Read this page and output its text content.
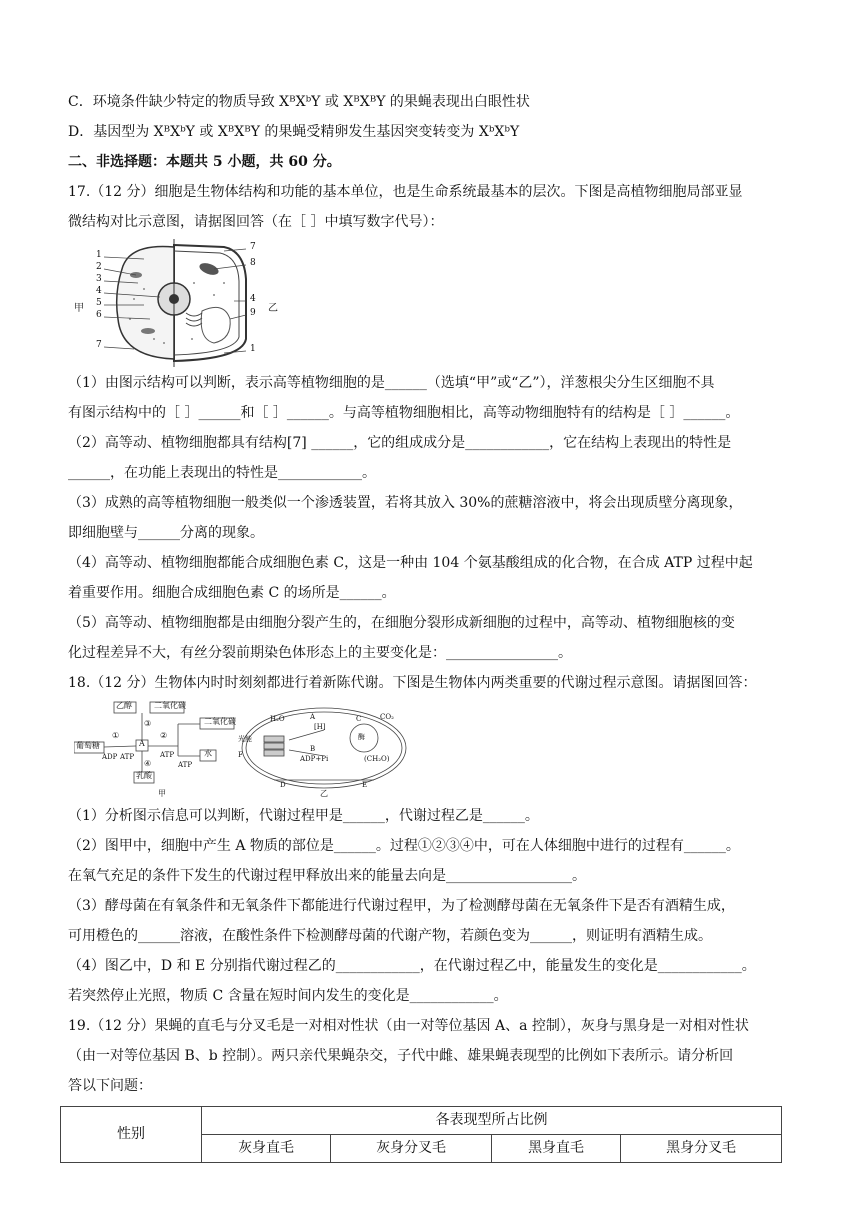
C．环境条件缺少特定的物质导致 XᴮXᵇY 或 XᴮXᴮY 的果蝇表现出白眼性状

D．基因型为 XᴮXᵇY 或 XᴮXᴮY 的果蝇受精卵发生基因突变转变为 XᵇXᵇY

二、非选择题：本题共 5 小题，共 60 分。

17.（12 分）细胞是生物体结构和功能的基本单位，也是生命系统最基本的层次。下图是高植物细胞局部亚显

微结构对比示意图，请据图回答（在［ ］中填写数字代号）：

甲	乙
1
2
3
4
5
6
7
7
8
4
9
1

（1）由图示结构可以判断，表示高等植物细胞的是______（选填“甲”或“乙”），洋葱根尖分生区细胞不具

有图示结构中的［ ］______和［ ］______。与高等植物细胞相比，高等动物细胞特有的结构是［ ］______。

（2）高等动、植物细胞都具有结构[7] ______，它的组成成分是____________，它在结构上表现出的特性是

______，在功能上表现出的特性是____________。

（3）成熟的高等植物细胞一般类似一个渗透装置，若将其放入 30%的蔗糖溶液中，将会出现质壁分离现象，

即细胞壁与______分离的现象。

（4）高等动、植物细胞都能合成细胞色素 C，这是一种由 104 个氨基酸组成的化合物，在合成 ATP 过程中起

着重要作用。细胞合成细胞色素 C 的场所是______。

（5）高等动、植物细胞都是由细胞分裂产生的，在细胞分裂形成新细胞的过程中，高等动、植物细胞核的变

化过程差异不大，有丝分裂前期染色体形态上的主要变化是：________________。

18.（12 分）生物体内时时刻刻都进行着新陈代谢。下图是生物体内两类重要的代谢过程示意图。请据图回答：

乙醇	二氧化碳
二氧化碳
葡萄糖	A
水
乳酸
①	②
③
④
ADP ATP	ATP
ATP
甲	乙
H₂O	A
[H]
B
ADP+Pi
光能
F
C
酶
CO₂
(CH₂O)
D	E

（1）分析图示信息可以判断，代谢过程甲是______，代谢过程乙是______。

（2）图甲中，细胞中产生 A 物质的部位是______。过程①②③④中，可在人体细胞中进行的过程有______。

在氧气充足的条件下发生的代谢过程甲释放出来的能量去向是__________________。

（3）酵母菌在有氧条件和无氧条件下都能进行代谢过程甲，为了检测酵母菌在无氧条件下是否有酒精生成，

可用橙色的______溶液，在酸性条件下检测酵母菌的代谢产物，若颜色变为______，则证明有酒精生成。

（4）图乙中，D 和 E 分别指代谢过程乙的____________，在代谢过程乙中，能量发生的变化是____________。

若突然停止光照，物质 C 含量在短时间内发生的变化是____________。

19.（12 分）果蝇的直毛与分叉毛是一对相对性状（由一对等位基因 A、a 控制），灰身与黑身是一对相对性状

（由一对等位基因 B、b 控制）。两只亲代果蝇杂交，子代中雌、雄果蝇表现型的比例如下表所示。请分析回

答以下问题：

性别	各表现型所占比例			
	灰身直毛	灰身分叉毛	黑身直毛	黑身分叉毛
